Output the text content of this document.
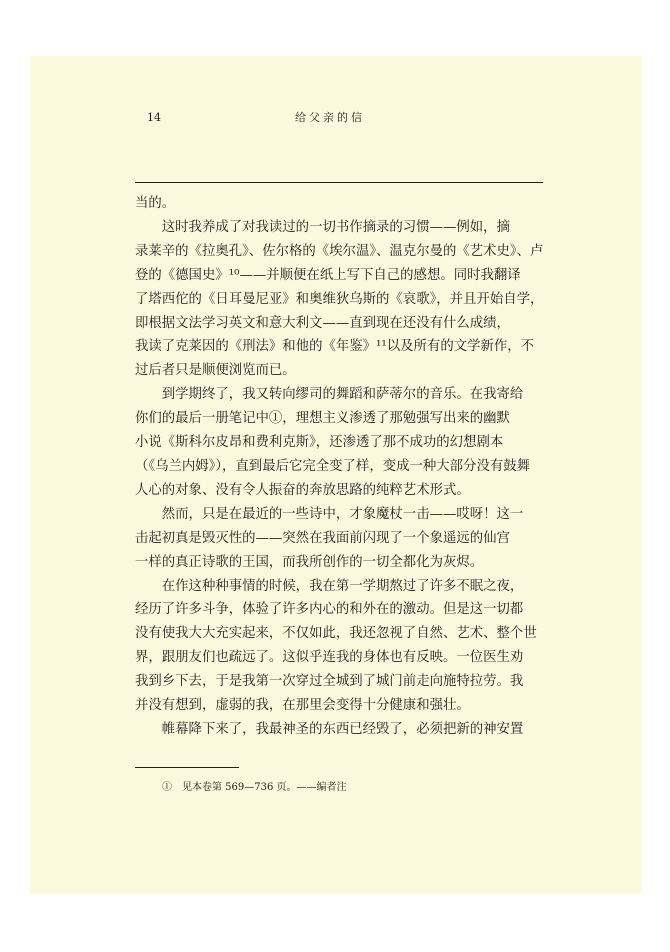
14	给父亲的信

当的。

　　这时我养成了对我读过的一切书作摘录的习惯——例如，摘

录莱辛的《拉奥孔》、佐尔格的《埃尔温》、温克尔曼的《艺术史》、卢

登的《德国史》¹⁰——并顺便在纸上写下自己的感想。同时我翻译

了塔西佗的《日耳曼尼亚》和奥维狄乌斯的《哀歌》，并且开始自学，

即根据文法学习英文和意大利文——直到现在还没有什么成绩，

我读了克莱因的《刑法》和他的《年鉴》¹¹以及所有的文学新作，不

过后者只是顺便浏览而已。

　　到学期终了，我又转向缪司的舞蹈和萨蒂尔的音乐。在我寄给

你们的最后一册笔记中①，理想主义渗透了那勉强写出来的幽默

小说《斯科尔皮昂和费利克斯》，还渗透了那不成功的幻想剧本

（《乌兰内姆》），直到最后它完全变了样，变成一种大部分没有鼓舞

人心的对象、没有令人振奋的奔放思路的纯粹艺术形式。

　　然而，只是在最近的一些诗中，才象魔杖一击——哎呀！这一

击起初真是毁灭性的——突然在我面前闪现了一个象遥远的仙宫

一样的真正诗歌的王国，而我所创作的一切全都化为灰烬。

　　在作这种种事情的时候，我在第一学期熬过了许多不眠之夜，

经历了许多斗争，体验了许多内心的和外在的激动。但是这一切都

没有使我大大充实起来，不仅如此，我还忽视了自然、艺术、整个世

界，跟朋友们也疏远了。这似乎连我的身体也有反映。一位医生劝

我到乡下去，于是我第一次穿过全城到了城门前走向施特拉劳。我

并没有想到，虚弱的我，在那里会变得十分健康和强壮。

　　帷幕降下来了，我最神圣的东西已经毁了，必须把新的神安置

①　见本卷第 569—736 页。——编者注
